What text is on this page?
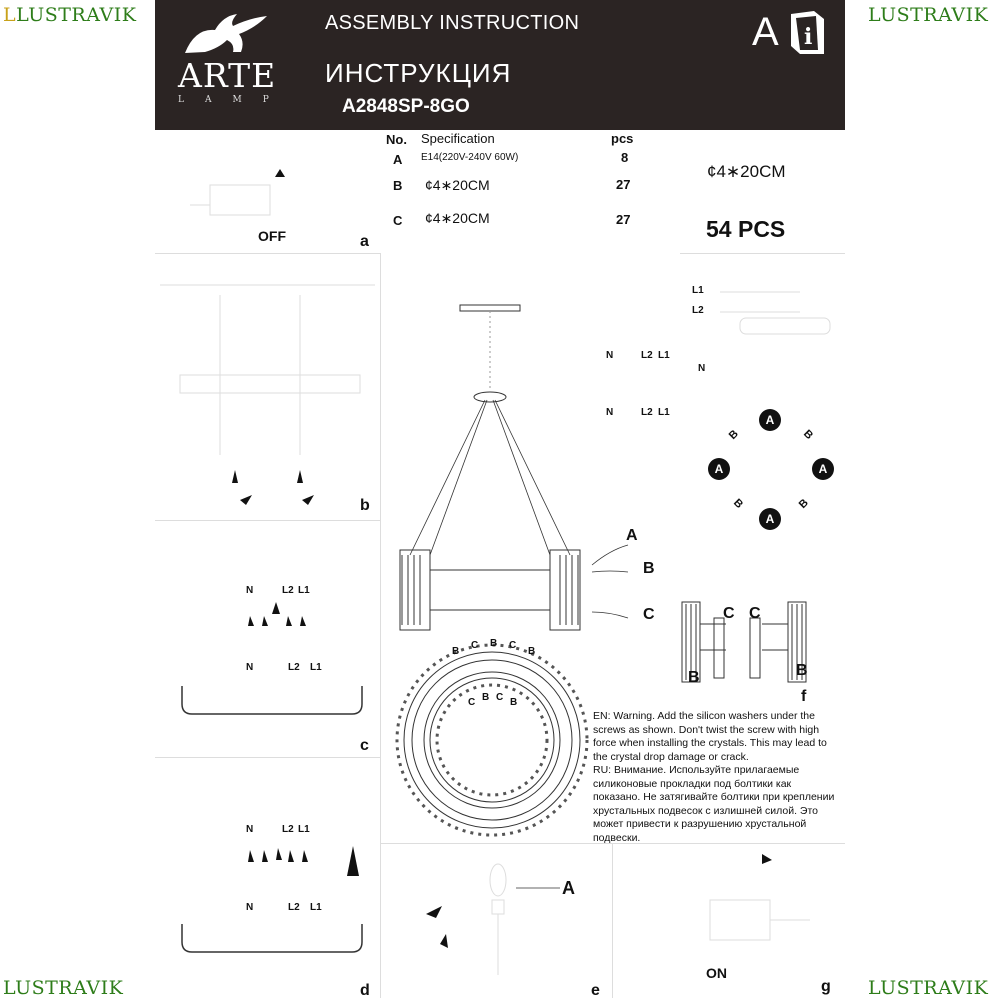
LLUSTRAVIK	LUSTRAVIK
LUSTRAVIK	LUSTRAVIK
ARTE
LAMP
ASSEMBLY INSTRUCTION
ИНСТРУКЦИЯ
A2848SP-8GO
A i
No. Specification	pcs
A E14(220V-240V 60W)	8
B ¢4∗20CM	27
C ¢4∗20CM	27
¢4∗20CM
54 PCS
OFF	a
b
N	L2 L1
N	L2 L1
c
N	L2 L1
N	L2 L1
d
A
B
C
B
C B C
B
C B C B
L1
L2
N
N	L2 L1
N	L2 L1
A
A	A
A
B	B
B	B
C C
B	B
f

EN: Warning. Add the silicon washers under the screws as shown. Don't twist the screw with high force when installing the crystals. This may lead to the crystal drop damage or crack.

RU: Внимание. Используйте прилагаемые силиконовые прокладки под болтики как показано. Не затягивайте болтики при креплении хрустальных подвесок с излишней силой. Это может привести к разрушению хрустальной подвески.

A
e
ON
g
